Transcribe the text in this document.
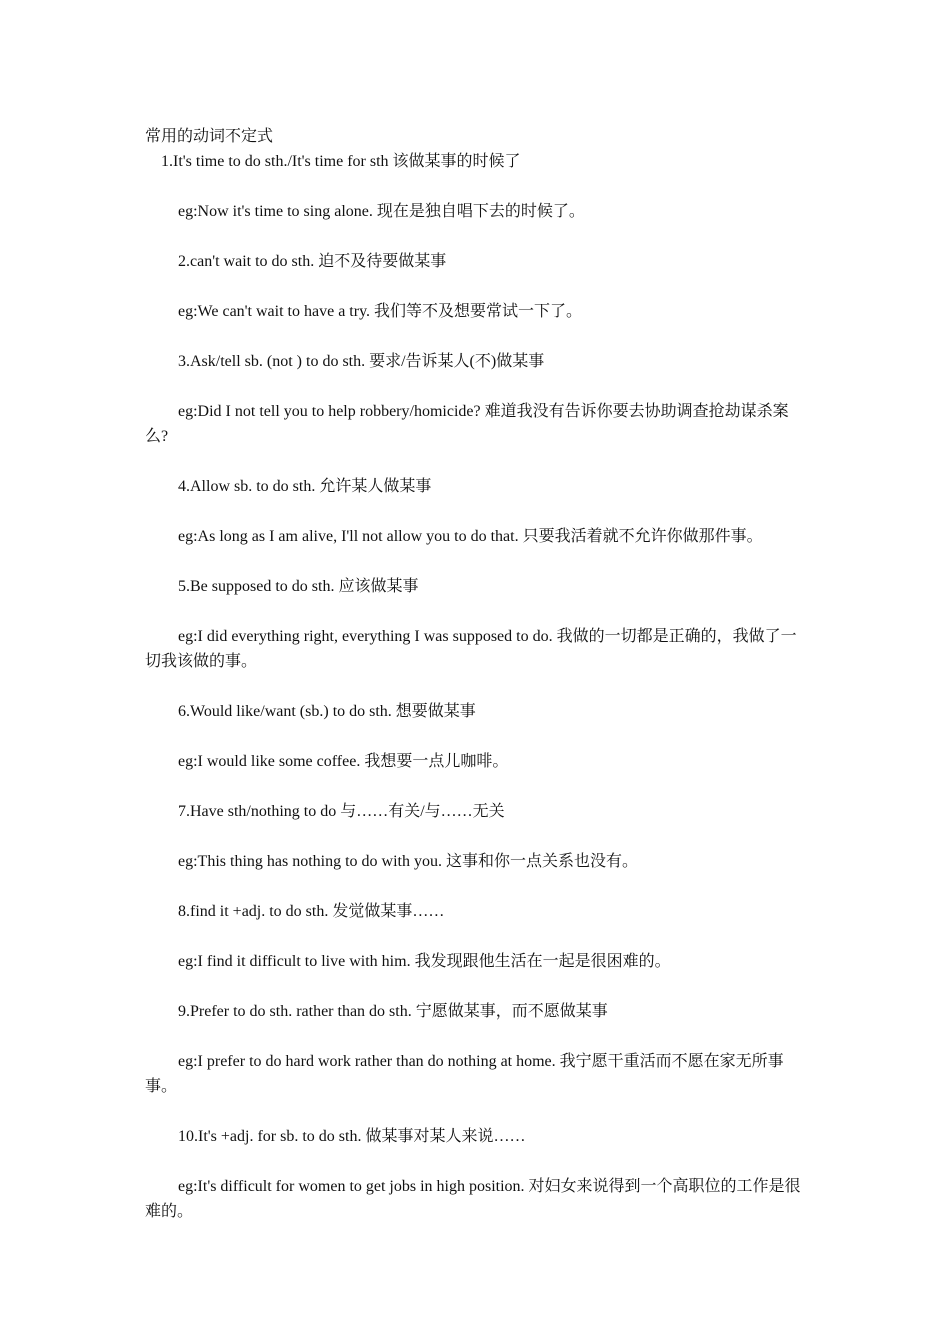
常用的动词不定式

1.It's time to do sth./It's time for sth 该做某事的时候了

eg:Now it's time to sing alone. 现在是独自唱下去的时候了。

2.can't wait to do sth. 迫不及待要做某事

eg:We can't wait to have a try. 我们等不及想要常试一下了。

3.Ask/tell sb. (not ) to do sth. 要求/告诉某人(不)做某事

eg:Did I not tell you to help robbery/homicide? 难道我没有告诉你要去协助调查抢劫谋杀案么?

4.Allow sb. to do sth. 允许某人做某事

eg:As long as I am alive, I'll not allow you to do that. 只要我活着就不允许你做那件事。

5.Be supposed to do sth. 应该做某事

eg:I did everything right, everything I was supposed to do. 我做的一切都是正确的，我做了一切我该做的事。

6.Would like/want (sb.) to do sth. 想要做某事

eg:I would like some coffee. 我想要一点儿咖啡。

7.Have sth/nothing to do 与……有关/与……无关

eg:This thing has nothing to do with you. 这事和你一点关系也没有。

8.find it +adj. to do sth. 发觉做某事……

eg:I find it difficult to live with him. 我发现跟他生活在一起是很困难的。

9.Prefer to do sth. rather than do sth. 宁愿做某事，而不愿做某事

eg:I prefer to do hard work rather than do nothing at home. 我宁愿干重活而不愿在家无所事事。

10.It's +adj. for sb. to do sth. 做某事对某人来说……

eg:It's difficult for women to get jobs in high position. 对妇女来说得到一个高职位的工作是很难的。
